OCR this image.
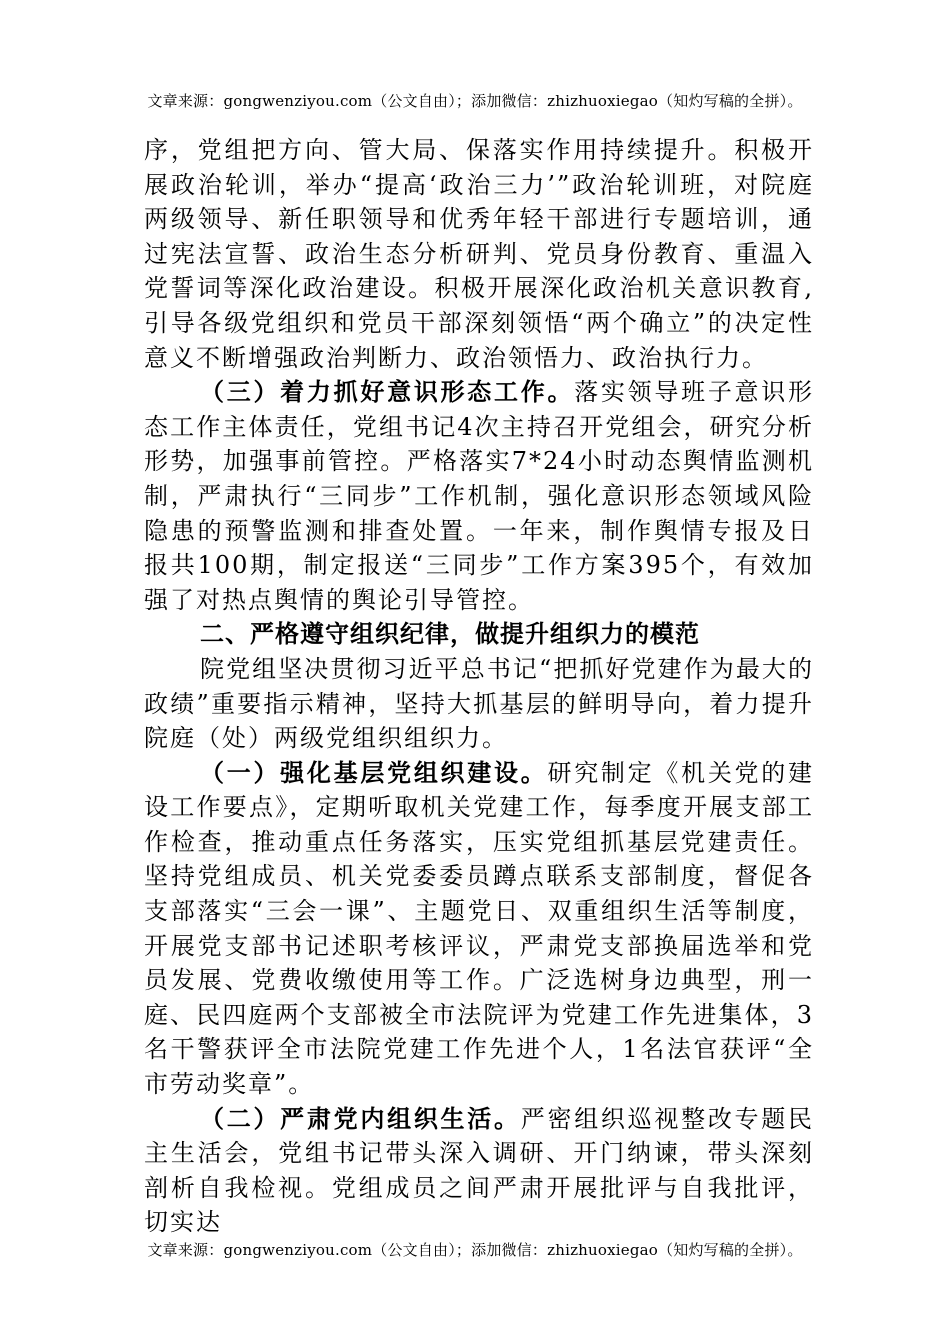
文章来源：gongwenziyou.com（公文自由）；添加微信：zhizhuoxiegao（知灼写稿的全拼）。

序，党组把方向、管大局、保落实作用持续提升。积极开展政治轮训，举办“提高‘政治三力’”政治轮训班，对院庭两级领导、新任职领导和优秀年轻干部进行专题培训，通过宪法宣誓、政治生态分析研判、党员身份教育、重温入党誓词等深化政治建设。积极开展深化政治机关意识教育,引导各级党组织和党员干部深刻领悟“两个确立”的决定性意义不断增强政治判断力、政治领悟力、政治执行力。

（三）着力抓好意识形态工作。落实领导班子意识形态工作主体责任，党组书记4次主持召开党组会，研究分析形势，加强事前管控。严格落实7*24小时动态舆情监测机制，严肃执行“三同步”工作机制，强化意识形态领域风险隐患的预警监测和排查处置。一年来，制作舆情专报及日报共100期，制定报送“三同步”工作方案395个，有效加强了对热点舆情的舆论引导管控。

二、严格遵守组织纪律，做提升组织力的模范

院党组坚决贯彻习近平总书记“把抓好党建作为最大的政绩”重要指示精神，坚持大抓基层的鲜明导向，着力提升院庭（处）两级党组织组织力。

（一）强化基层党组织建设。研究制定《机关党的建设工作要点》，定期听取机关党建工作，每季度开展支部工作检查，推动重点任务落实，压实党组抓基层党建责任。坚持党组成员、机关党委委员蹲点联系支部制度，督促各支部落实“三会一课”、主题党日、双重组织生活等制度，开展党支部书记述职考核评议，严肃党支部换届选举和党员发展、党费收缴使用等工作。广泛选树身边典型，刑一庭、民四庭两个支部被全市法院评为党建工作先进集体，3名干警获评全市法院党建工作先进个人，1名法官获评“全市劳动奖章”。

（二）严肃党内组织生活。严密组织巡视整改专题民主生活会，党组书记带头深入调研、开门纳谏，带头深刻剖析自我检视。党组成员之间严肃开展批评与自我批评，切实达

文章来源：gongwenziyou.com（公文自由）；添加微信：zhizhuoxiegao（知灼写稿的全拼）。
